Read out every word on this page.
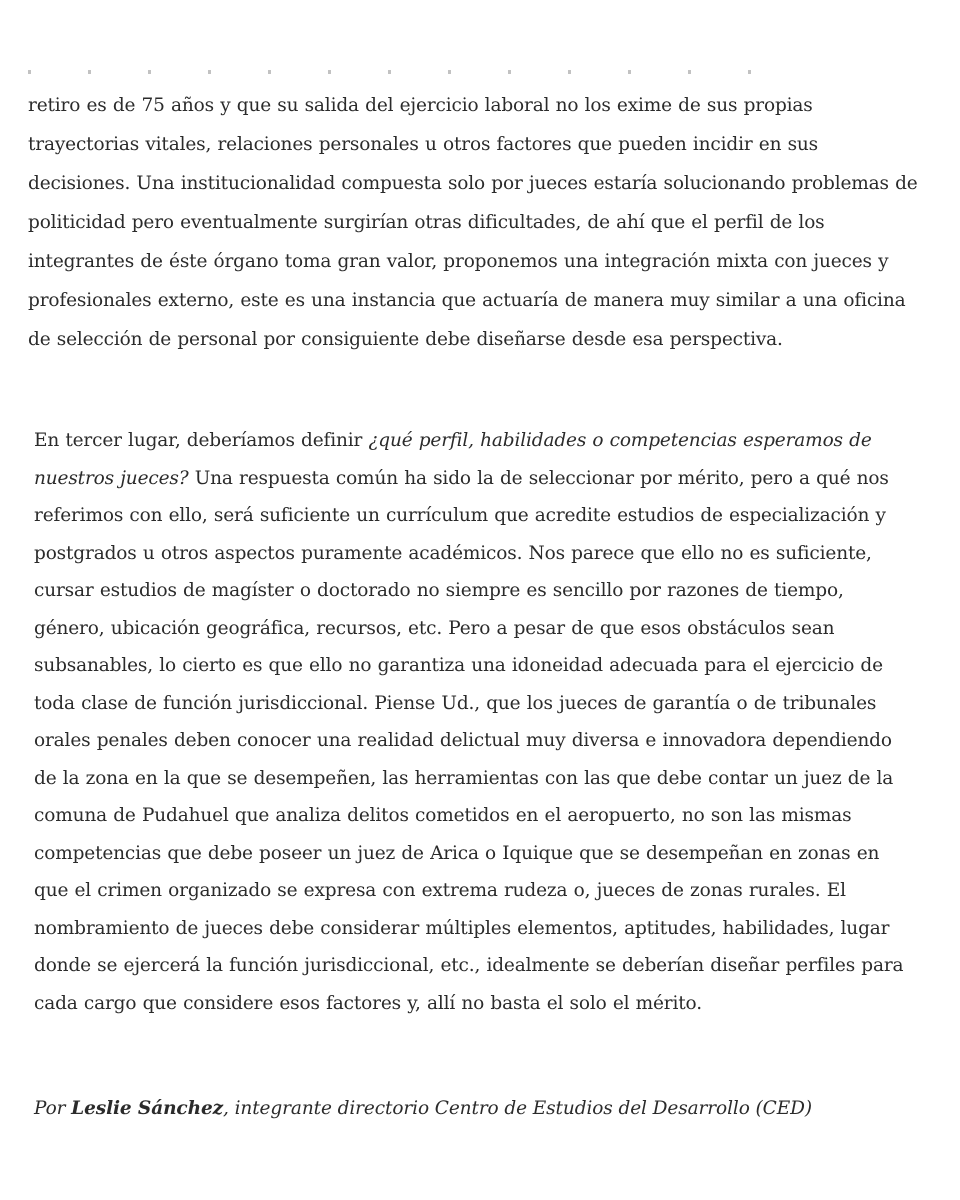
retiro es de 75 años y que su salida del ejercicio laboral no los exime de sus propias trayectorias vitales, relaciones personales u otros factores que pueden incidir en sus decisiones. Una institucionalidad compuesta solo por jueces estaría solucionando problemas de politicidad pero eventualmente surgirían otras dificultades, de ahí que el perfil de los integrantes de éste órgano toma gran valor, proponemos una integración mixta con jueces y profesionales externo, este es una instancia que actuaría de manera muy similar a una oficina de selección de personal por consiguiente debe diseñarse desde esa perspectiva.

En tercer lugar, deberíamos definir ¿qué perfil, habilidades o competencias esperamos de nuestros jueces? Una respuesta común ha sido la de seleccionar por mérito, pero a qué nos referimos con ello, será suficiente un currículum que acredite estudios de especialización y postgrados u otros aspectos puramente académicos. Nos parece que ello no es suficiente, cursar estudios de magíster o doctorado no siempre es sencillo por razones de tiempo, género, ubicación geográfica, recursos, etc. Pero a pesar de que esos obstáculos sean subsanables, lo cierto es que ello no garantiza una idoneidad adecuada para el ejercicio de toda clase de función jurisdiccional. Piense Ud., que los jueces de garantía o de tribunales orales penales deben conocer una realidad delictual muy diversa e innovadora dependiendo de la zona en la que se desempeñen, las herramientas con las que debe contar un juez de la comuna de Pudahuel que analiza delitos cometidos en el aeropuerto, no son las mismas competencias que debe poseer un juez de Arica o Iquique que se desempeñan en zonas en que el crimen organizado se expresa con extrema rudeza o, jueces de zonas rurales. El nombramiento de jueces debe considerar múltiples elementos, aptitudes, habilidades, lugar donde se ejercerá la función jurisdiccional, etc., idealmente se deberían diseñar perfiles para cada cargo que considere esos factores y, allí no basta el solo el mérito.

Por Leslie Sánchez, integrante directorio Centro de Estudios del Desarrollo (CED)
